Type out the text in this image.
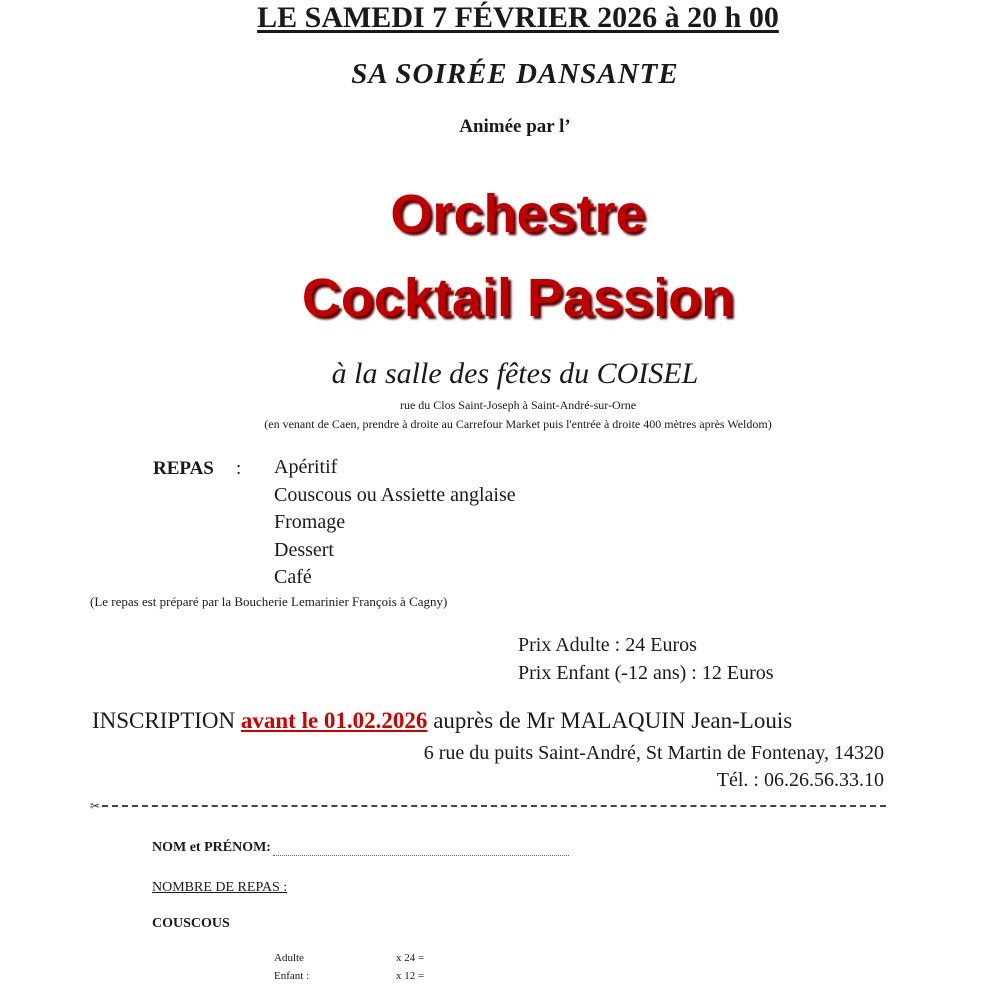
LE SAMEDI 7 FÉVRIER 2026 à 20 h 00
SA SOIRÉE DANSANTE
Animée par l’
Orchestre
Cocktail Passion
à la salle des fêtes du COISEL
rue du Clos Saint-Joseph à Saint-André-sur-Orne
(en venant de Caen, prendre à droite au Carrefour Market puis l'entrée à droite 400 mètres après Weldom)
REPAS : Apéritif
Couscous ou Assiette anglaise
Fromage
Dessert
Café
(Le repas est préparé par la Boucherie Lemarinier François à Cagny)
Prix Adulte : 24 Euros
Prix Enfant (-12 ans) : 12 Euros
INSCRIPTION avant le 01.02.2026 auprès de Mr MALAQUIN Jean-Louis
6 rue du puits Saint-André, St Martin de Fontenay, 14320
Tél. : 06.26.56.33.10
✂
NOM et PRÉNOM:
NOMBRE DE REPAS :
COUSCOUS
Adulte	x 24 =
Enfant :	x 12 =
